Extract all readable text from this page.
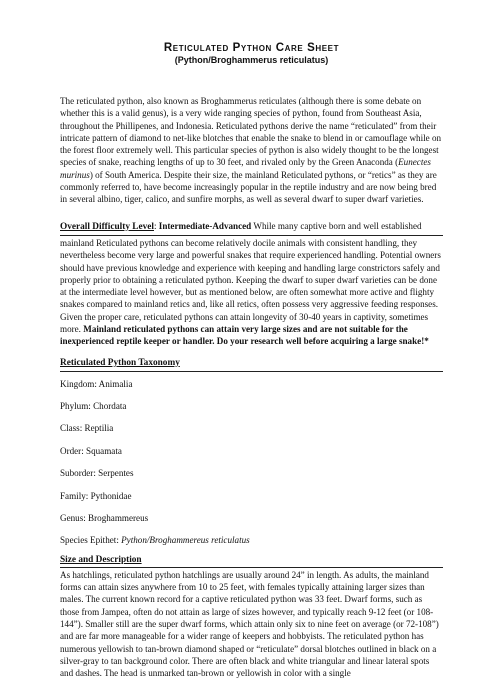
Reticulated Python Care Sheet
(Python/Broghammerus reticulatus)

The reticulated python, also known as Broghammerus reticulates (although there is some debate on whether this is a valid genus), is a very wide ranging species of python, found from Southeast Asia, throughout the Phillipenes, and Indonesia. Reticulated pythons derive the name “reticulated” from their intricate pattern of diamond to net-like blotches that enable the snake to blend in or camouflage while on the forest floor extremely well. This particular species of python is also widely thought to be the longest species of snake, reaching lengths of up to 30 feet, and rivaled only by the Green Anaconda (Eunectes murinus) of South America. Despite their size, the mainland Reticulated pythons, or “retics” as they are commonly referred to, have become increasingly popular in the reptile industry and are now being bred in several albino, tiger, calico, and sunfire morphs, as well as several dwarf to super dwarf varieties.

Overall Difficulty Level: Intermediate-Advanced While many captive born and well established

mainland Reticulated pythons can become relatively docile animals with consistent handling, they nevertheless become very large and powerful snakes that require experienced handling. Potential owners should have previous knowledge and experience with keeping and handling large constrictors safely and properly prior to obtaining a reticulated python. Keeping the dwarf to super dwarf varieties can be done at the intermediate level however, but as mentioned below, are often somewhat more active and flighty snakes compared to mainland retics and, like all retics, often possess very aggressive feeding responses. Given the proper care, reticulated pythons can attain longevity of 30-40 years in captivity, sometimes more. Mainland reticulated pythons can attain very large sizes and are not suitable for the inexperienced reptile keeper or handler. Do your research well before acquiring a large snake!*

Reticulated Python Taxonomy
Kingdom: Animalia
Phylum: Chordata
Class: Reptilia
Order: Squamata
Suborder: Serpentes
Family: Pythonidae
Genus: Broghammereus
Species Epithet: Python/Broghammereus reticulatus
Size and Description

As hatchlings, reticulated python hatchlings are usually around 24” in length. As adults, the mainland forms can attain sizes anywhere from 10 to 25 feet, with females typically attaining larger sizes than males. The current known record for a captive reticulated python was 33 feet. Dwarf forms, such as those from Jampea, often do not attain as large of sizes however, and typically reach 9-12 feet (or 108-144”). Smaller still are the super dwarf forms, which attain only six to nine feet on average (or 72-108”) and are far more manageable for a wider range of keepers and hobbyists. The reticulated python has numerous yellowish to tan-brown diamond shaped or “reticulate” dorsal blotches outlined in black on a silver-gray to tan background color. There are often black and white triangular and linear lateral spots and dashes. The head is unmarked tan-brown or yellowish in color with a single
